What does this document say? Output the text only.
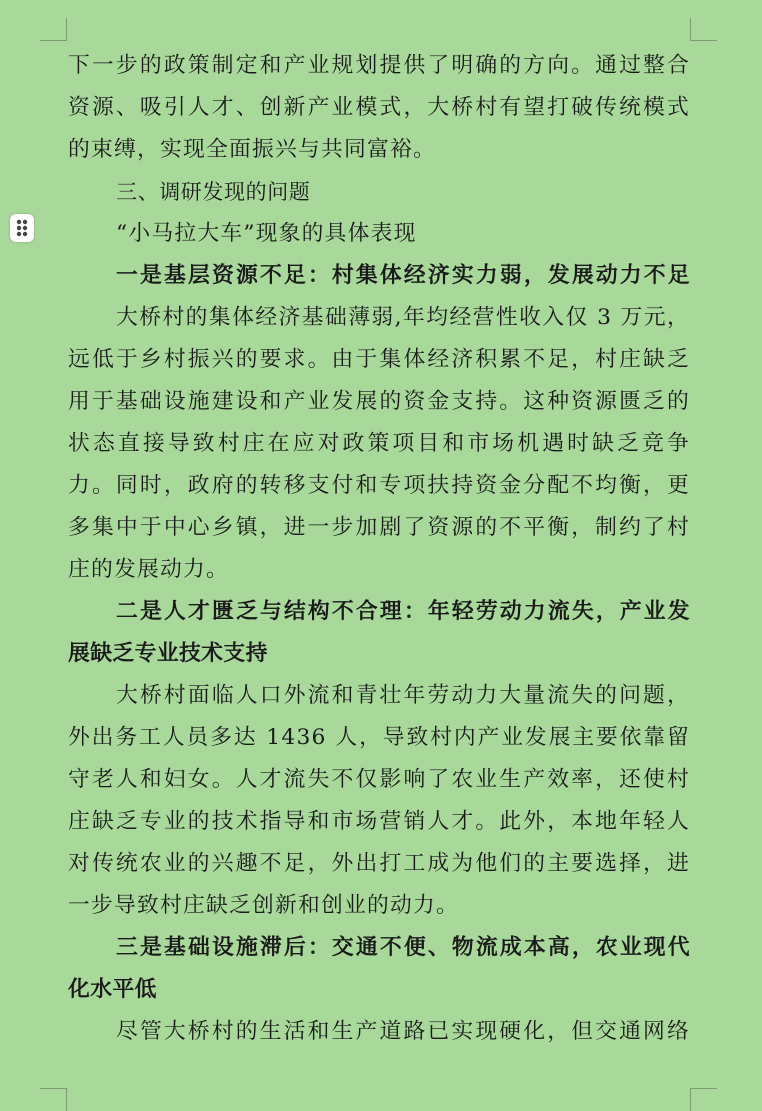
下一步的政策制定和产业规划提供了明确的方向。通过整合
资源、吸引人才、创新产业模式，大桥村有望打破传统模式
的束缚，实现全面振兴与共同富裕。
三、调研发现的问题
“小马拉大车”现象的具体表现
一是基层资源不足：村集体经济实力弱，发展动力不足
大桥村的集体经济基础薄弱,年均经营性收入仅 3 万元，
远低于乡村振兴的要求。由于集体经济积累不足，村庄缺乏
用于基础设施建设和产业发展的资金支持。这种资源匮乏的
状态直接导致村庄在应对政策项目和市场机遇时缺乏竞争
力。同时，政府的转移支付和专项扶持资金分配不均衡，更
多集中于中心乡镇，进一步加剧了资源的不平衡，制约了村
庄的发展动力。
二是人才匮乏与结构不合理：年轻劳动力流失，产业发
展缺乏专业技术支持
大桥村面临人口外流和青壮年劳动力大量流失的问题，
外出务工人员多达 1436 人，导致村内产业发展主要依靠留
守老人和妇女。人才流失不仅影响了农业生产效率，还使村
庄缺乏专业的技术指导和市场营销人才。此外，本地年轻人
对传统农业的兴趣不足，外出打工成为他们的主要选择，进
一步导致村庄缺乏创新和创业的动力。
三是基础设施滞后：交通不便、物流成本高，农业现代
化水平低
尽管大桥村的生活和生产道路已实现硬化，但交通网络
